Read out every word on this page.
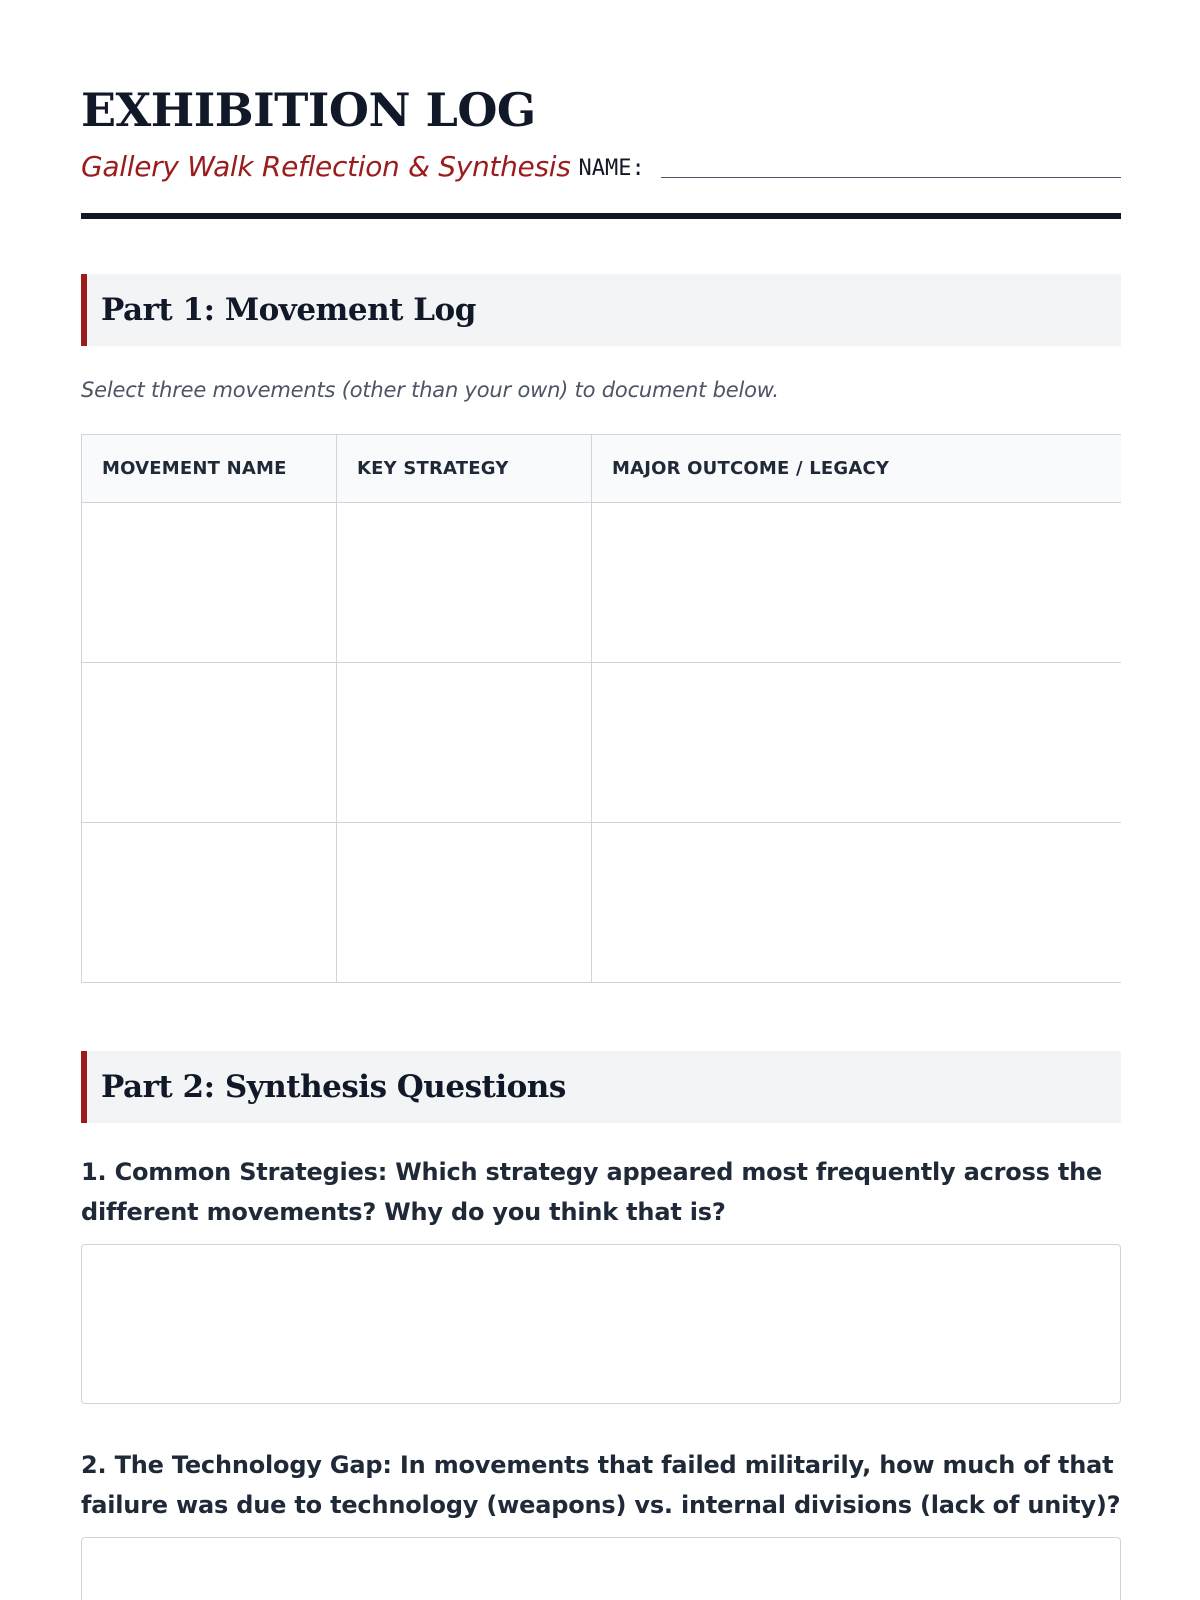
EXHIBITION LOG
Gallery Walk Reflection & Synthesis NAME:
Part 1: Movement Log
Select three movements (other than your own) to document below.
MOVEMENT NAME	KEY STRATEGY	MAJOR OUTCOME / LEGACY

Part 2: Synthesis Questions

1. Common Strategies: Which strategy appeared most frequently across the different movements? Why do you think that is?

2. The Technology Gap: In movements that failed militarily, how much of that failure was due to technology (weapons) vs. internal divisions (lack of unity)?
